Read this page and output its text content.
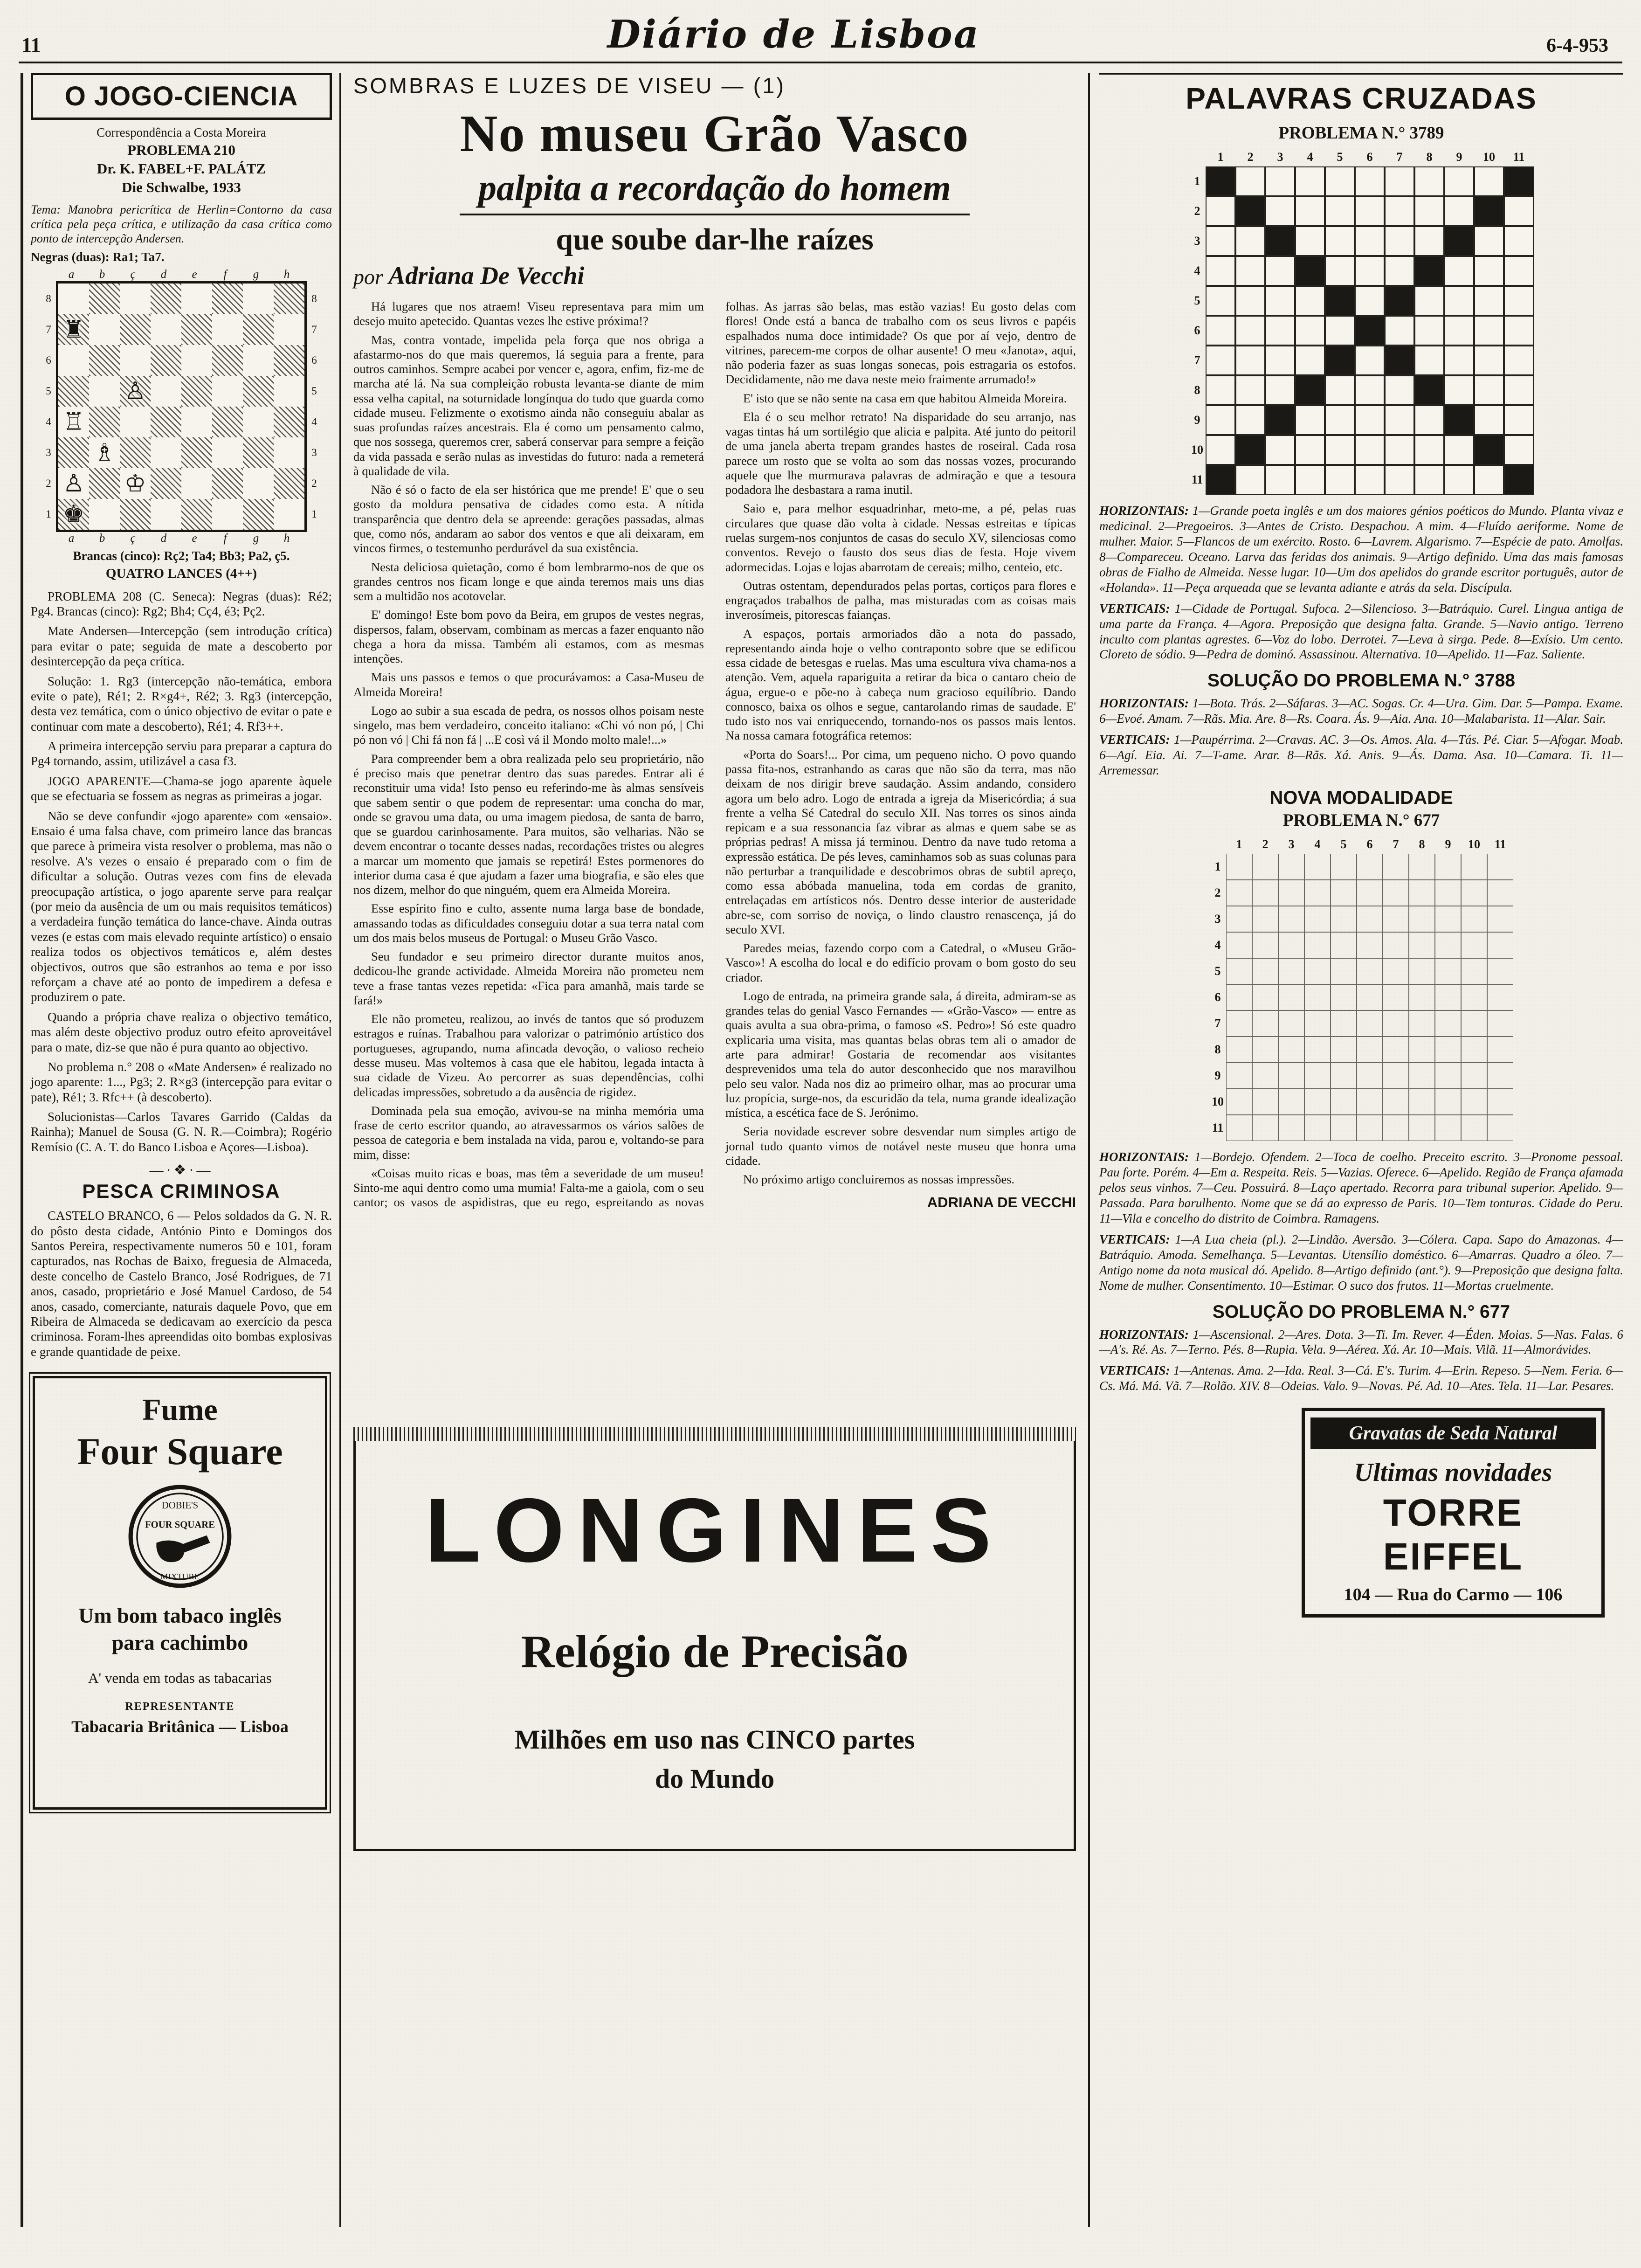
11	Diário de Lisboa	6-4-953
O JOGO-CIENCIA
Correspondência a Costa Moreira
PROBLEMA 210
Dr. K. FABEL+F. PALÁTZ
Die Schwalbe, 1933

Tema: Manobra pericrítica de Herlin=Contorno da casa crítica pela peça crítica, e utilização da casa crítica como ponto de intercepção Andersen.

Negras (duas): Ra1; Ta7.
a	b	ç	d	e	f	g	h
8
7
6
5
4
3
2
1
♜
♙
♖
♗
♙ ♔
♚
8
7
6
5
4
3
2
1
a	b	ç	d	e	f	g	h
Brancas (cinco): Rç2; Ta4; Bb3; Pa2, ç5.
QUATRO LANCES (4++)

PROBLEMA 208 (C. Seneca): Negras (duas): Ré2; Pg4. Brancas (cinco): Rg2; Bh4; Cç4, é3; Pç2.

Mate Andersen—Intercepção (sem introdução crítica) para evitar o pate; seguida de mate a descoberto por desintercepção da peça crítica.

Solução: 1. Rg3 (intercepção não-temática, embora evite o pate), Ré1; 2. R×g4+, Ré2; 3. Rg3 (intercepção, desta vez temática, com o único objectivo de evitar o pate e continuar com mate a descoberto), Ré1; 4. Rf3++.

A primeira intercepção serviu para preparar a captura do Pg4 tornando, assim, utilizável a casa f3.

JOGO APARENTE—Chama-se jogo aparente àquele que se efectuaria se fossem as negras as primeiras a jogar.

Não se deve confundir «jogo aparente» com «ensaio». Ensaio é uma falsa chave, com primeiro lance das brancas que parece à primeira vista resolver o problema, mas não o resolve. A's vezes o ensaio é preparado com o fim de dificultar a solução. Outras vezes com fins de elevada preocupação artística, o jogo aparente serve para realçar (por meio da ausência de um ou mais requisitos temáticos) a verdadeira função temática do lance-chave. Ainda outras vezes (e estas com mais elevado requinte artístico) o ensaio realiza todos os objectivos temáticos e, além destes objectivos, outros que são estranhos ao tema e por isso reforçam a chave até ao ponto de impedirem a defesa e produzirem o pate.

Quando a própria chave realiza o objectivo temático, mas além deste objectivo produz outro efeito aproveitável para o mate, diz-se que não é pura quanto ao objectivo.

No problema n.° 208 o «Mate Andersen» é realizado no jogo aparente: 1..., Pg3; 2. R×g3 (intercepção para evitar o pate), Ré1; 3. Rfc++ (à descoberto).

Solucionistas—Carlos Tavares Garrido (Caldas da Rainha); Manuel de Sousa (G. N. R.—Coimbra); Rogério Remísio (C. A. T. do Banco Lisboa e Açores—Lisboa).

—·❖·—
PESCA CRIMINOSA

CASTELO BRANCO, 6 — Pelos soldados da G. N. R. do pôsto desta cidade, António Pinto e Domingos dos Santos Pereira, respectivamente numeros 50 e 101, foram capturados, nas Rochas de Baixo, freguesia de Almaceda, deste concelho de Castelo Branco, José Rodrigues, de 71 anos, casado, proprietário e José Manuel Cardoso, de 54 anos, casado, comerciante, naturais daquele Povo, que em Ribeira de Almaceda se dedicavam ao exercício da pesca criminosa. Foram-lhes apreendidas oito bombas explosivas e grande quantidade de peixe.

Fume
Four Square
DOBIE'S
FOUR SQUARE
MIXTURE
Um bom tabaco inglês
para cachimbo
A' venda em todas as tabacarias
REPRESENTANTE
Tabacaria Britânica — Lisboa
SOMBRAS E LUZES DE VISEU — (1)
No museu Grão Vasco
palpita a recordação do homem
que soube dar-lhe raízes
por Adriana De Vecchi

Há lugares que nos atraem! Viseu representava para mim um desejo muito apetecido. Quantas vezes lhe estive próxima!?

Mas, contra vontade, impelida pela força que nos obriga a afastarmo-nos do que mais queremos, lá seguia para a frente, para outros caminhos. Sempre acabei por vencer e, agora, enfim, fiz-me de marcha até lá. Na sua compleição robusta levanta-se diante de mim essa velha capital, na soturnidade longínqua do tudo que guarda como cidade museu. Felizmente o exotismo ainda não conseguiu abalar as suas profundas raízes ancestrais. Ela é como um pensamento calmo, que nos sossega, queremos crer, saberá conservar para sempre a feição da vida passada e serão nulas as investidas do futuro: nada a remeterá à qualidade de vila.

Não é só o facto de ela ser histórica que me prende! E' que o seu gosto da moldura pensativa de cidades como esta. A nítida transparência que dentro dela se apreende: gerações passadas, almas que, como nós, andaram ao sabor dos ventos e que ali deixaram, em vincos firmes, o testemunho perdurável da sua existência.

Nesta deliciosa quietação, como é bom lembrarmo-nos de que os grandes centros nos ficam longe e que ainda teremos mais uns dias sem a multidão nos acotovelar.

E' domingo! Este bom povo da Beira, em grupos de vestes negras, dispersos, falam, observam, combinam as mercas a fazer enquanto não chega a hora da missa. Também ali estamos, com as mesmas intenções.

Mais uns passos e temos o que procurávamos: a Casa-Museu de Almeida Moreira!

Logo ao subir a sua escada de pedra, os nossos olhos poisam neste singelo, mas bem verdadeiro, conceito italiano: «Chi vó non pó, | Chi pó non vó | Chi fá non fá | ...E così vá il Mondo molto male!...»

Para compreender bem a obra realizada pelo seu proprietário, não é preciso mais que penetrar dentro das suas paredes. Entrar ali é reconstituir uma vida! Isto penso eu referindo-me às almas sensíveis que sabem sentir o que podem de representar: uma concha do mar, onde se gravou uma data, ou uma imagem piedosa, de santa de barro, que se guardou carinhosamente. Para muitos, são velharias. Não se devem encontrar o tocante desses nadas, recordações tristes ou alegres a marcar um momento que jamais se repetirá! Estes pormenores do interior duma casa é que ajudam a fazer uma biografia, e são eles que nos dizem, melhor do que ninguém, quem era Almeida Moreira.

Esse espírito fino e culto, assente numa larga base de bondade, amassando todas as dificuldades conseguiu dotar a sua terra natal com um dos mais belos museus de Portugal: o Museu Grão Vasco.

Seu fundador e seu primeiro director durante muitos anos, dedicou-lhe grande actividade. Almeida Moreira não prometeu nem teve a frase tantas vezes repetida: «Fica para amanhã, mais tarde se fará!»

Ele não prometeu, realizou, ao invés de tantos que só produzem estragos e ruínas. Trabalhou para valorizar o património artístico dos portugueses, agrupando, numa afincada devoção, o valioso recheio desse museu. Mas voltemos à casa que ele habitou, legada intacta à sua cidade de Vizeu. Ao percorrer as suas dependências, colhi delicadas impressões, sobretudo a da ausência de rigidez.

Dominada pela sua emoção, avivou-se na minha memória uma frase de certo escritor quando, ao atravessarmos os vários salões de pessoa de categoria e bem instalada na vida, parou e, voltando-se para mim, disse:

«Coisas muito ricas e boas, mas têm a severidade de um museu! Sinto-me aqui dentro como uma mumia! Falta-me a gaiola, com o seu cantor; os vasos de aspidistras, que eu rego, espreitando as novas folhas. As jarras são belas, mas estão vazias! Eu gosto delas com flores! Onde está a banca de trabalho com os seus livros e papéis espalhados numa doce intimidade? Os que por aí vejo, dentro de vitrines, parecem-me corpos de olhar ausente! O meu «Janota», aqui, não poderia fazer as suas longas sonecas, pois estragaria os estofos. Decididamente, não me dava neste meio fraimente arrumado!»

E' isto que se não sente na casa em que habitou Almeida Moreira.

Ela é o seu melhor retrato! Na disparidade do seu arranjo, nas vagas tintas há um sortilégio que alicia e palpita. Até junto do peitoril de uma janela aberta trepam grandes hastes de roseiral. Cada rosa parece um rosto que se volta ao som das nossas vozes, procurando aquele que lhe murmurava palavras de admiração e que a tesoura podadora lhe desbastara a rama inutil.

Saio e, para melhor esquadrinhar, meto-me, a pé, pelas ruas circulares que quase dão volta à cidade. Nessas estreitas e típicas ruelas surgem-nos conjuntos de casas do seculo XV, silenciosas como conventos. Revejo o fausto dos seus dias de festa. Hoje vivem adormecidas. Lojas e lojas abarrotam de cereais; milho, centeio, etc.

Outras ostentam, dependurados pelas portas, cortiços para flores e engraçados trabalhos de palha, mas misturadas com as coisas mais inverosímeis, pitorescas faianças.

A espaços, portais armoriados dão a nota do passado, representando ainda hoje o velho contraponto sobre que se edificou essa cidade de betesgas e ruelas. Mas uma escultura viva chama-nos a atenção. Vem, aquela rapariguita a retirar da bica o cantaro cheio de água, ergue-o e põe-no à cabeça num gracioso equilíbrio. Dando connosco, baixa os olhos e segue, cantarolando rimas de saudade. E' tudo isto nos vai enriquecendo, tornando-nos os passos mais lentos. Na nossa camara fotográfica retemos:

«Porta do Soars!... Por cima, um pequeno nicho. O povo quando passa fita-nos, estranhando as caras que não são da terra, mas não deixam de nos dirigir breve saudação. Assim andando, considero agora um belo adro. Logo de entrada a igreja da Misericórdia; á sua frente a velha Sé Catedral do seculo XII. Nas torres os sinos ainda repicam e a sua ressonancia faz vibrar as almas e quem sabe se as próprias pedras! A missa já terminou. Dentro da nave tudo retoma a expressão estática. De pés leves, caminhamos sob as suas colunas para não perturbar a tranquilidade e descobrimos obras de subtil apreço, como essa abóbada manuelina, toda em cordas de granito, entrelaçadas em artísticos nós. Dentro desse interior de austeridade abre-se, com sorriso de noviça, o lindo claustro renascença, já do seculo XVI.

Paredes meias, fazendo corpo com a Catedral, o «Museu Grão-Vasco»! A escolha do local e do edifício provam o bom gosto do seu criador.

Logo de entrada, na primeira grande sala, á direita, admiram-se as grandes telas do genial Vasco Fernandes — «Grão-Vasco» — entre as quais avulta a sua obra-prima, o famoso «S. Pedro»! Só este quadro explicaria uma visita, mas quantas belas obras tem ali o amador de arte para admirar! Gostaria de recomendar aos visitantes desprevenidos uma tela do autor desconhecido que nos maravilhou pelo seu valor. Nada nos diz ao primeiro olhar, mas ao procurar uma luz propícia, surge-nos, da escuridão da tela, numa grande idealização mística, a escética face de S. Jerónimo.

Seria novidade escrever sobre desvendar num simples artigo de jornal tudo quanto vimos de notável neste museu que honra uma cidade.

No próximo artigo concluiremos as nossas impressões.

ADRIANA DE VECCHI
LONGINES
Relógio de Precisão
Milhões em uso nas CINCO partes
do Mundo
PALAVRAS CRUZADAS
PROBLEMA N.° 3789
1	2	3	4	5	6	7	8	9	10	11
1
2
3
4
5
6
7
8
9
10
11

HORIZONTAIS: 1—Grande poeta inglês e um dos maiores génios poéticos do Mundo. Planta vivaz e medicinal. 2—Pregoeiros. 3—Antes de Cristo. Despachou. A mim. 4—Fluído aeriforme. Nome de mulher. Maior. 5—Flancos de um exército. Rosto. 6—Lavrem. Algarismo. 7—Espécie de pato. Amolfas. 8—Compareceu. Oceano. Larva das feridas dos animais. 9—Artigo definido. Uma das mais famosas obras de Fialho de Almeida. Nesse lugar. 10—Um dos apelidos do grande escritor português, autor de «Holanda». 11—Peça arqueada que se levanta adiante e atrás da sela. Discípula.

VERTICAIS: 1—Cidade de Portugal. Sufoca. 2—Silencioso. 3—Batráquio. Curel. Lingua antiga de uma parte da França. 4—Agora. Preposição que designa falta. Grande. 5—Navio antigo. Terreno inculto com plantas agrestes. 6—Voz do lobo. Derrotei. 7—Leva à sirga. Pede. 8—Exísio. Um cento. Cloreto de sódio. 9—Pedra de dominó. Assassinou. Alternativa. 10—Apelido. 11—Faz. Saliente.

SOLUÇÃO DO PROBLEMA N.° 3788

HORIZONTAIS: 1—Bota. Trás. 2—Sáfaras. 3—AC. Sogas. Cr. 4—Ura. Gim. Dar. 5—Pampa. Exame. 6—Evoé. Amam. 7—Rãs. Mia. Are. 8—Rs. Coara. Ás. 9—Aia. Ana. 10—Malabarista. 11—Alar. Sair.

VERTICAIS: 1—Paupérrima. 2—Cravas. AC. 3—Os. Amos. Ala. 4—Tás. Pé. Ciar. 5—Afogar. Moab. 6—Agí. Eia. Ai. 7—T-ame. Arar. 8—Rãs. Xá. Anis. 9—Ás. Dama. Asa. 10—Camara. Ti. 11—Arremessar.

NOVA MODALIDADE
PROBLEMA N.° 677
1	2	3	4	5	6	7	8	9	10	11
1
2
3
4
5
6
7
8
9
10
11

HORIZONTAIS: 1—Bordejo. Ofendem. 2—Toca de coelho. Preceito escrito. 3—Pronome pessoal. Pau forte. Porém. 4—Em a. Respeita. Reis. 5—Vazias. Oferece. 6—Apelido. Região de França afamada pelos seus vinhos. 7—Ceu. Possuirá. 8—Laço apertado. Recorra para tribunal superior. Apelido. 9—Passada. Para barulhento. Nome que se dá ao expresso de Paris. 10—Tem tonturas. Cidade do Peru. 11—Vila e concelho do distrito de Coimbra. Ramagens.

VERTICAIS: 1—A Lua cheia (pl.). 2—Lindão. Aversão. 3—Cólera. Capa. Sapo do Amazonas. 4—Batráquio. Amoda. Semelhança. 5—Levantas. Utensílio doméstico. 6—Amarras. Quadro a óleo. 7—Antigo nome da nota musical dó. Apelido. 8—Artigo definido (ant.°). 9—Preposição que designa falta. Nome de mulher. Consentimento. 10—Estimar. O suco dos frutos. 11—Mortas cruelmente.

SOLUÇÃO DO PROBLEMA N.° 677

HORIZONTAIS: 1—Ascensional. 2—Ares. Dota. 3—Ti. Im. Rever. 4—Éden. Moias. 5—Nas. Falas. 6—A's. Ré. As. 7—Terno. Pés. 8—Rupia. Vela. 9—Aérea. Xá. Ar. 10—Mais. Vilã. 11—Almorávides.

VERTICAIS: 1—Antenas. Ama. 2—Ida. Real. 3—Cá. E's. Turim. 4—Erin. Repeso. 5—Nem. Feria. 6—Cs. Má. Má. Vã. 7—Rolão. XIV. 8—Odeias. Valo. 9—Novas. Pé. Ad. 10—Ates. Tela. 11—Lar. Pesares.

Gravatas de Seda Natural
Ultimas novidades
TORRE EIFFEL
104 — Rua do Carmo — 106
